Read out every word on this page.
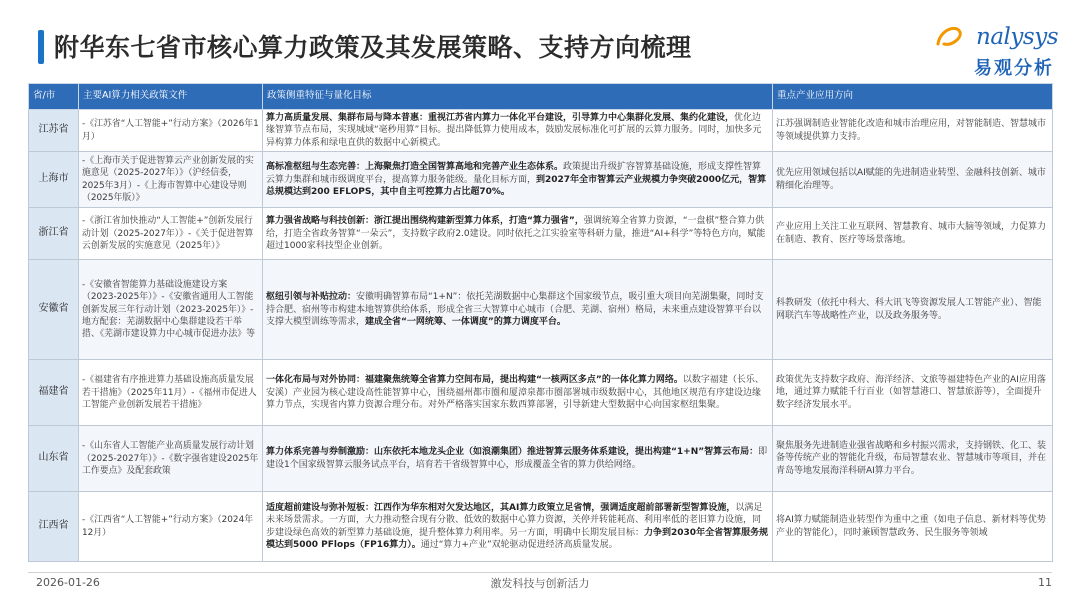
附华东七省市核心算力政策及其发展策略、支持方向梳理	nalysys
易观分析
省/市	主要AI算力相关政策文件	政策侧重特征与量化目标	重点产业应用方向
江苏省	-《江苏省“人工智能+”行动方案》（2026年1月）	算力高质量发展、集群布局与降本普惠：重视江苏省内算力一体化平台建设，引导算力中心集群化发展、集约化建设，优化边缘智算节点布局，实现城域“毫秒用算”目标。提出降低算力使用成本，鼓励发展标准化可扩展的云算力服务。同时，加快多元异构算力体系和绿电直供的数据中心新模式。	江苏强调制造业智能化改造和城市治理应用，对智能制造、智慧城市等领域提供算力支持。
上海市	-《上海市关于促进智算云产业创新发展的实施意见（2025-2027年）》（沪经信委，2025年3月）-《上海市智算中心建设导则（2025年版）》	高标准枢纽与生态完善：上海聚焦打造全国智算高地和完善产业生态体系。政策提出升级扩容智算基础设施，形成支撑性智算云算力集群和城市级调度平台，提高算力服务能级。量化目标方面，到2027年全市智算云产业规模力争突破2000亿元，智算总规模达到200 EFLOPS，其中自主可控算力占比超70%。	优先应用领域包括以AI赋能的先进制造业转型、金融科技创新、城市精细化治理等。
浙江省	-《浙江省加快推动“人工智能+”创新发展行动计划（2025-2027年）》-《关于促进智算云创新发展的实施意见（2025年）》	算力强省战略与科技创新：浙江提出围绕构建新型算力体系，打造“算力强省”，强调统筹全省算力资源，“一盘棋”整合算力供给，打造全省政务智算“一朵云”，支持数字政府2.0建设。同时依托之江实验室等科研力量，推进“AI+科学”等特色方向，赋能超过1000家科技型企业创新。	产业应用上关注工业互联网、智慧教育、城市大脑等领域，力促算力在制造、教育、医疗等场景落地。
安徽省	-《安徽省智能算力基础设施建设方案（2023-2025年）》-《安徽省通用人工智能创新发展三年行动计划（2023-2025年）》- 地方配套：芜湖数据中心集群建设若干举措、《芜湖市建设算力中心城市促进办法》等	枢纽引领与补贴拉动：安徽明确智算布局“1+N”：依托芜湖数据中心集群这个国家级节点，吸引重大项目向芜湖集聚，同时支持合肥、宿州等市构建本地智算供给体系，形成全省三大智算中心城市（合肥、芜湖、宿州）格局，未来重点建设智算平台以支撑大模型训练等需求，建成全省“一网统筹、一体调度”的算力调度平台。	科教研发（依托中科大、科大讯飞等资源发展人工智能产业）、智能网联汽车等战略性产业，以及政务服务等。
福建省	-《福建省有序推进算力基础设施高质量发展若干措施》（2025年11月）-《福州市促进人工智能产业创新发展若干措施》	一体化布局与对外协同：福建聚焦统筹全省算力空间布局，提出构建“一核两区多点”的一体化算力网络。以数字福建（长乐、安溪）产业园为核心建设高性能智算中心，围绕福州都市圈和厦漳泉都市圈部署城市级数据中心，其他地区规范有序建设边缘算力节点，实现省内算力资源合理分布。对外严格落实国家东数西算部署，引导新建大型数据中心向国家枢纽集聚。	政策优先支持数字政府、海洋经济、文旅等福建特色产业的AI应用落地，通过算力赋能千行百业（如智慧港口、智慧旅游等），全面提升数字经济发展水平。
山东省	-《山东省人工智能产业高质量发展行动计划（2025-2027年）》-《数字强省建设2025年工作要点》及配套政策	算力体系完善与券制激励：山东依托本地龙头企业（如浪潮集团）推进智算云服务体系建设，提出构建“1+N”智算云布局：即建设1个国家级智算云服务试点平台，培育若干省级智算中心，形成覆盖全省的算力供给网络。	聚焦服务先进制造业强省战略和乡村振兴需求，支持钢铁、化工、装备等传统产业的智能化升级，布局智慧农业、智慧城市等项目，并在青岛等地发展海洋科研AI算力平台。
江西省	-《江西省“人工智能+”行动方案》（2024年12月）	适度超前建设与弥补短板：江西作为华东相对欠发达地区，其AI算力政策立足省情，强调适度超前部署新型智算设施，以满足未来场景需求。一方面，大力推动整合现有分散、低效的数据中心算力资源，关停并转能耗高、利用率低的老旧算力设施，同步建设绿色高效的新型算力基础设施，提升整体算力利用率。另一方面，明确中长期发展目标：力争到2030年全省智算服务规模达到5000 PFlops（FP16算力）。通过“算力+产业”双轮驱动促进经济高质量发展。	将AI算力赋能制造业转型作为重中之重（如电子信息、新材料等优势产业的智能化），同时兼顾智慧政务、民生服务等领域
2026-01-26	激发科技与创新活力	11
